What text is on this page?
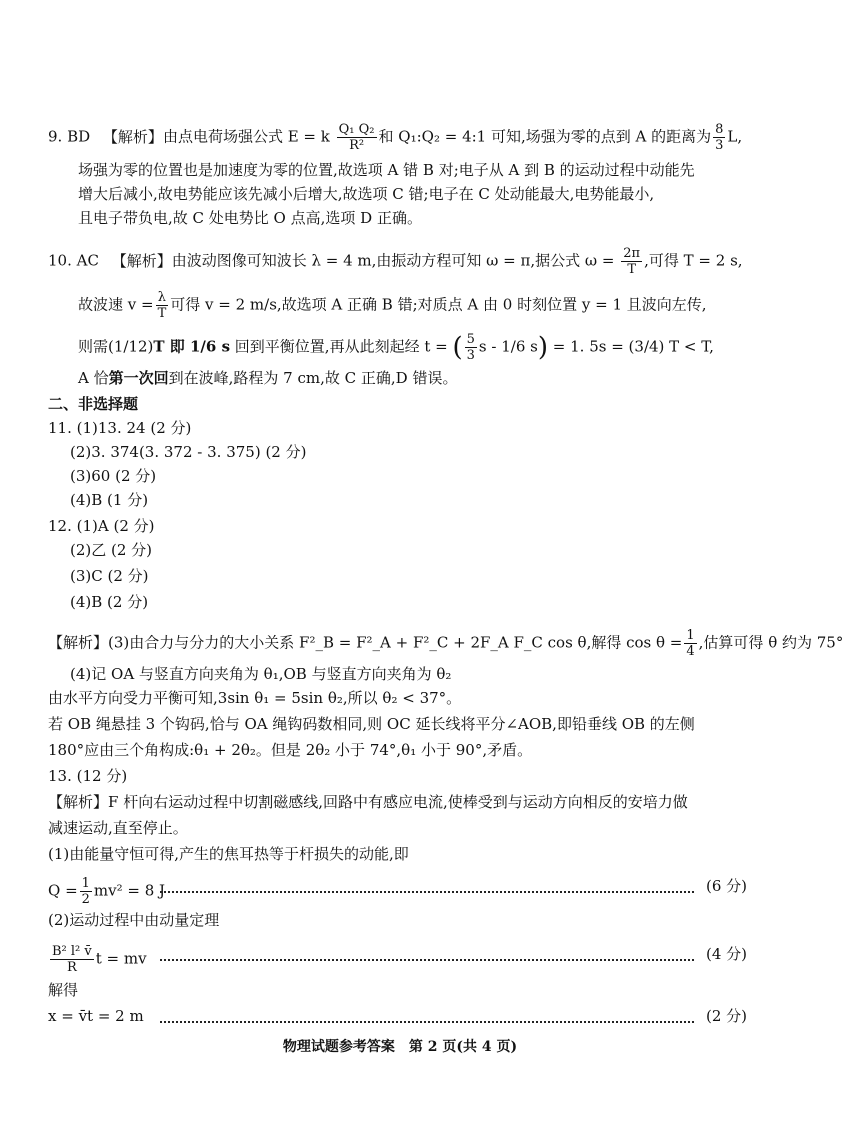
9. BD 【解析】由点电荷场强公式 E = k $\frac{\text{Q₁ Q₂}}{\text{R²}}$ 和 Q₁:Q₂ = 4:1 可知,场强为零的点到 A 的距离为 $\frac{8}{3} L$,
场强为零的位置也是加速度为零的位置,故选项 A 错 B 对;电子从 A 到 B 的运动过程中动能先
增大后减小,故电势能应该先减小后增大,故选项 C 错;电子在 C 处动能最大,电势能最小,
且电子带负电,故 C 处电势比 O 点高,选项 D 正确。
10. AC 【解析】由波动图像可知波长 λ = 4 m,由振动方程可知 ω = π,据公式 $\omega = \frac{2\pi}{T}$ ,可得 T = 2 s,
故波速 $v = \frac{\lambda}{T}$ 可得 v = 2 m/s,故选项 A 正确 B 错;对质点 A 由 0 时刻位置 y = 1 且波向左传,
则需(1/12)T 即 1/6 s 回到平衡位置,再从此刻起经 t = ( $\frac{5}{3}$ s - 1/6 s) = 1. 5s = (3/4) T < T,
A 恰第一次回到在波峰,路程为 7 cm,故 C 正确,D 错误。
二、非选择题
11. (1)13. 24 (2 分)
(2)3. 374(3. 372 - 3. 375) (2 分)
(3)60 (2 分)
(4)B (1 分)
12. (1)A (2 分)
(2)乙 (2 分)
(3)C (2 分)
(4)B (2 分)
【解析】(3)由合力与分力的大小关系 F²_B = F²_A + F²_C + 2F_A F_C cos θ,解得 $\cos \theta = \frac{1}{4}$ ,估算可得 θ 约为 75°
(4)记 OA 与竖直方向夹角为 θ₁,OB 与竖直方向夹角为 θ₂
由水平方向受力平衡可知,3sin θ₁ = 5sin θ₂,所以 θ₂ < 37°。
若 OB 绳悬挂 3 个钩码,恰与 OA 绳钩码数相同,则 OC 延长线将平分∠AOB,即铅垂线 OB 的左侧
180°应由三个角构成:θ₁ + 2θ₂。但是 2θ₂ 小于 74°,θ₁ 小于 90°,矛盾。
13. (12 分)
【解析】F 杆向右运动过程中切割磁感线,回路中有感应电流,使棒受到与运动方向相反的安培力做
减速运动,直至停止。
(1)由能量守恒可得,产生的焦耳热等于杆损失的动能,即
$Q = \frac{1}{2} mv^2 = 8$ J	(6 分)
(2)运动过程中由动量定理
$\frac{\text{B² l² v̄}}{R}$ t = mv	(4 分)
解得
x = v̄t = 2 m	(2 分)
物理试题参考答案　第 2 页(共 4 页)
